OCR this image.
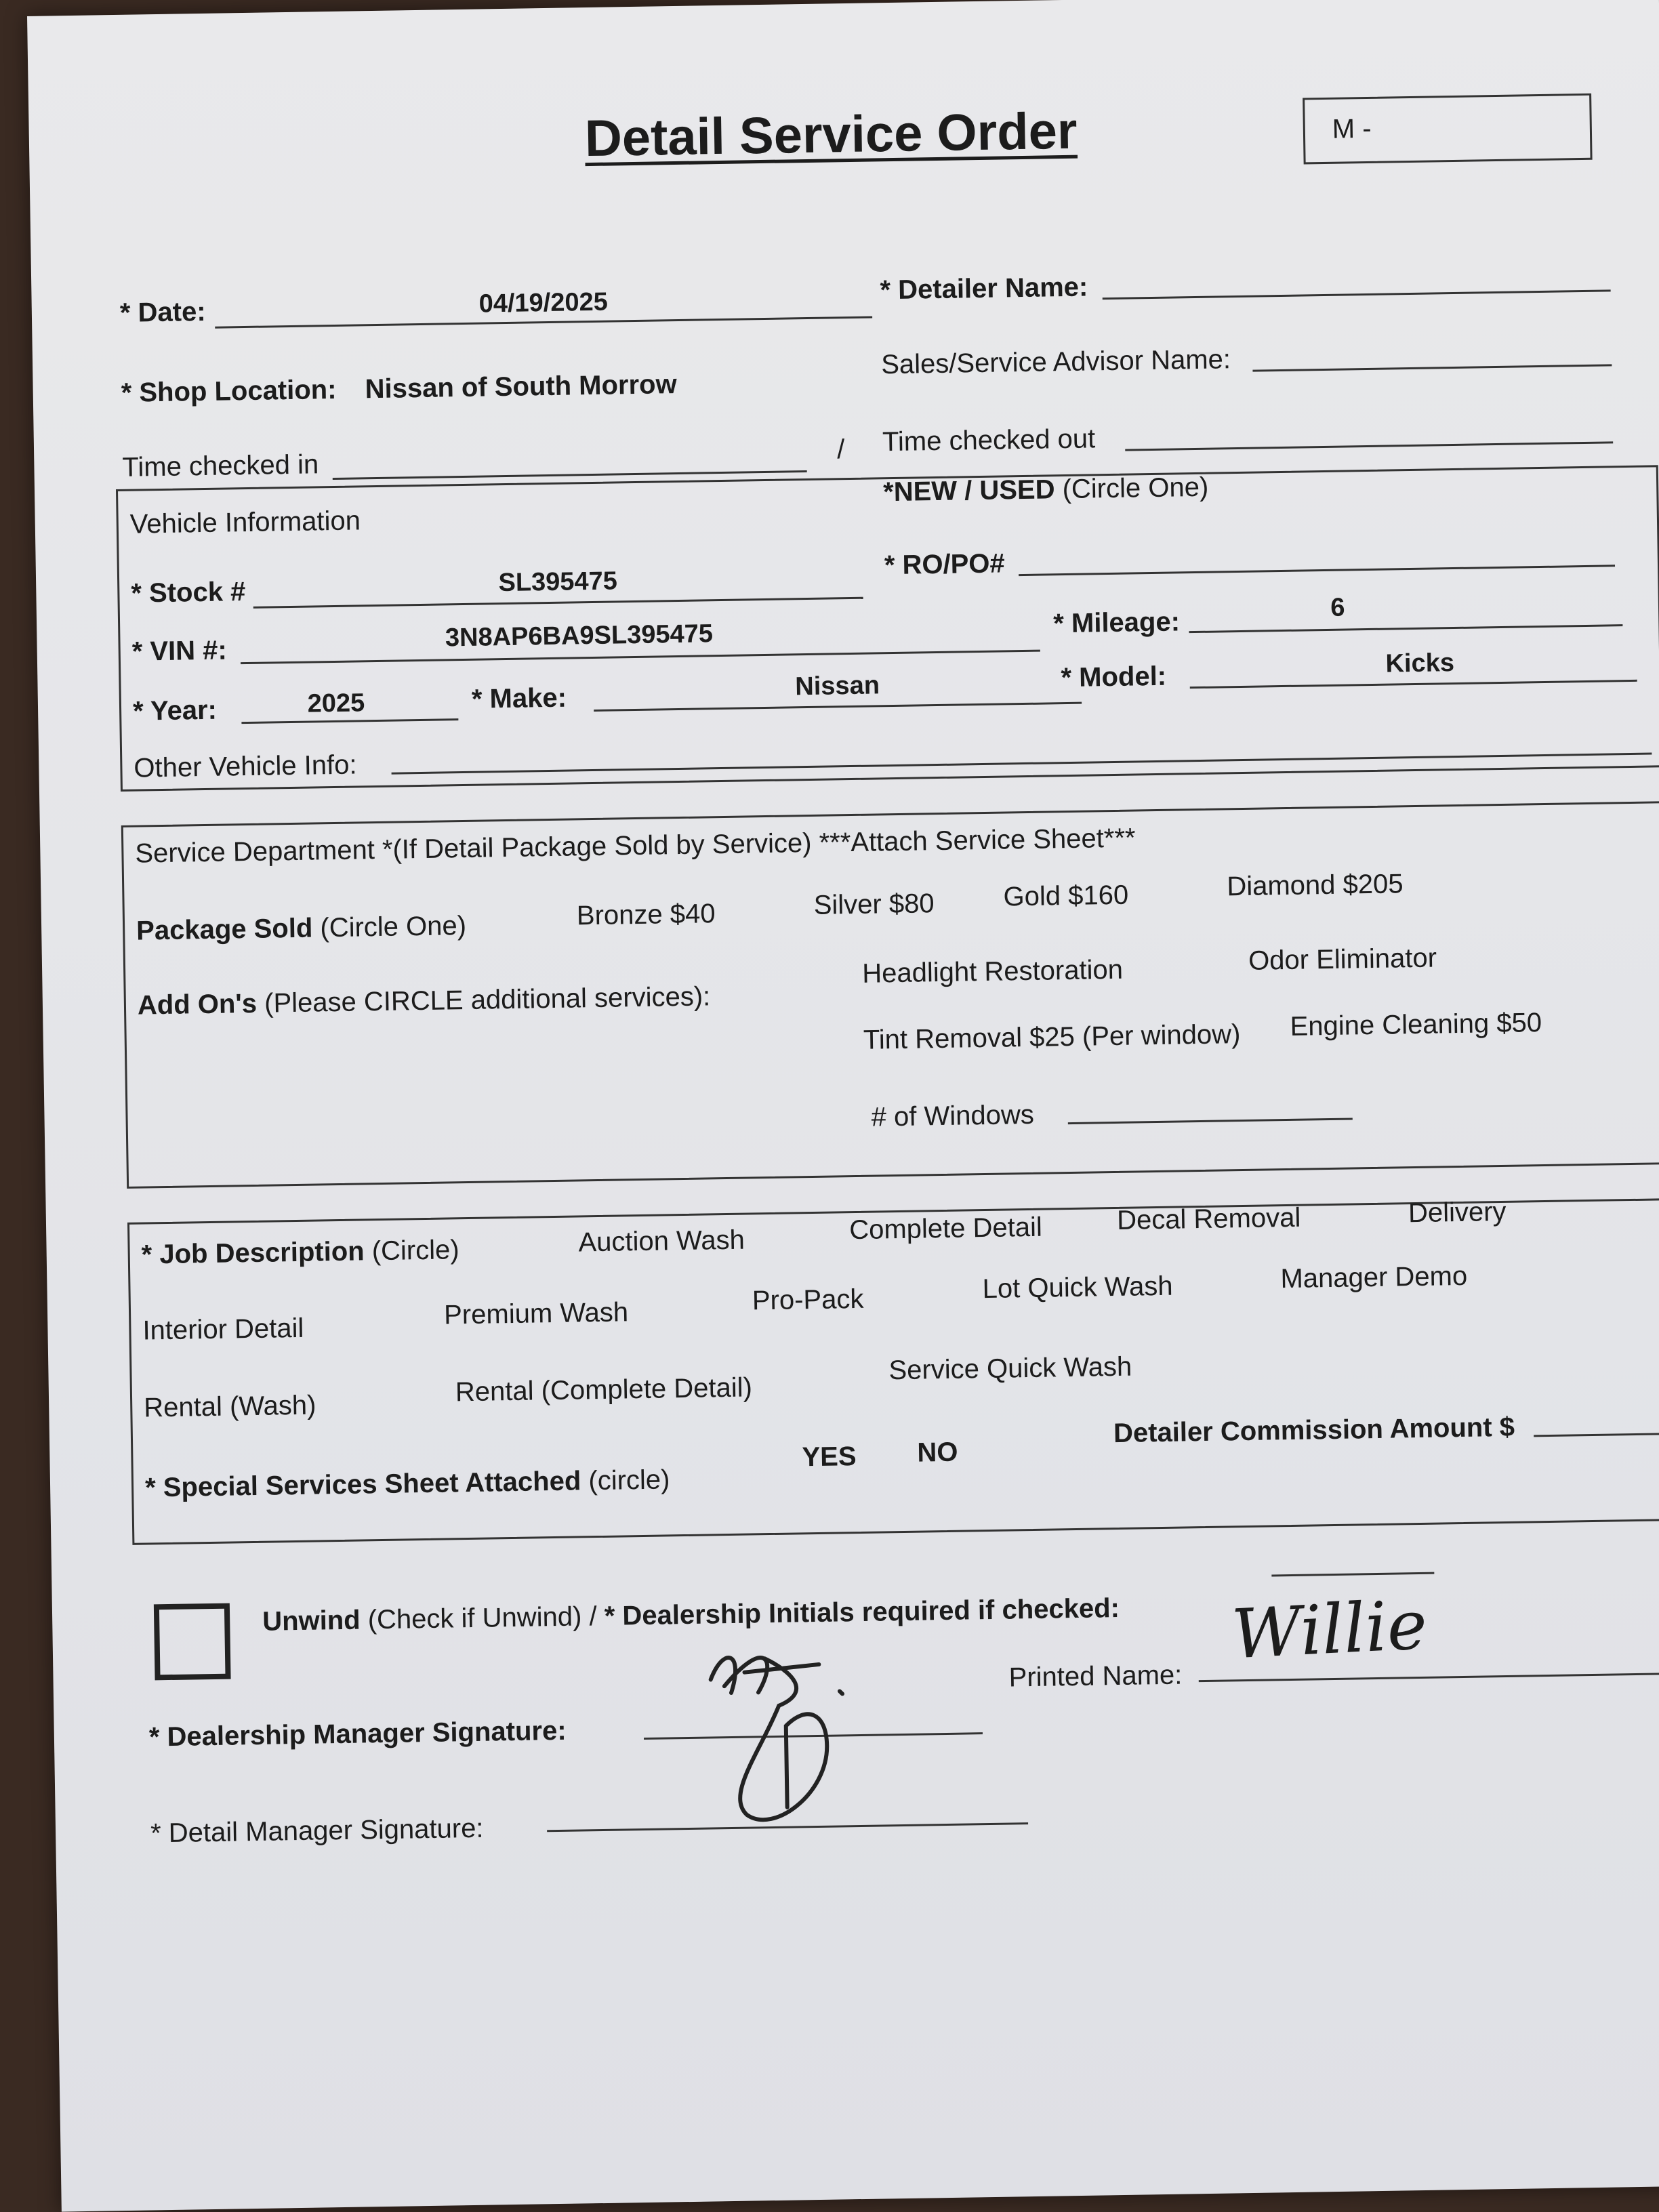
Detail Service Order	M -
* Date:	04/19/2025	* Detailer Name:
* Shop Location: Nissan of South Morrow
Sales/Service Advisor Name:
Time checked in
/ Time checked out
Vehicle Information
*NEW / USED (Circle One)
* Stock #	SL395475
* RO/PO#
* VIN #:	3N8AP6BA9SL395475	* Mileage:	6
* Year:	2025	* Make:	Nissan	* Model:	Kicks
Other Vehicle Info:
Service Department *(If Detail Package Sold by Service) ***Attach Service Sheet***
Package Sold (Circle One)	Bronze $40	Silver $80	Gold $160	Diamond $205
Add On's (Please CIRCLE additional services):
Headlight Restoration	Odor Eliminator
Tint Removal $25 (Per window) Engine Cleaning $50
# of Windows
* Job Description (Circle)	Auction Wash	Complete Detail	Decal Removal	Delivery
Interior Detail	Premium Wash	Pro-Pack	Lot Quick Wash	Manager Demo
Rental (Wash)	Rental (Complete Detail)
Service Quick Wash
* Special Services Sheet Attached (circle)
YES NO
Detailer Commission Amount $
Unwind (Check if Unwind) / * Dealership Initials required if checked:
* Dealership Manager Signature:
Printed Name:
Willie
* Detail Manager Signature:
